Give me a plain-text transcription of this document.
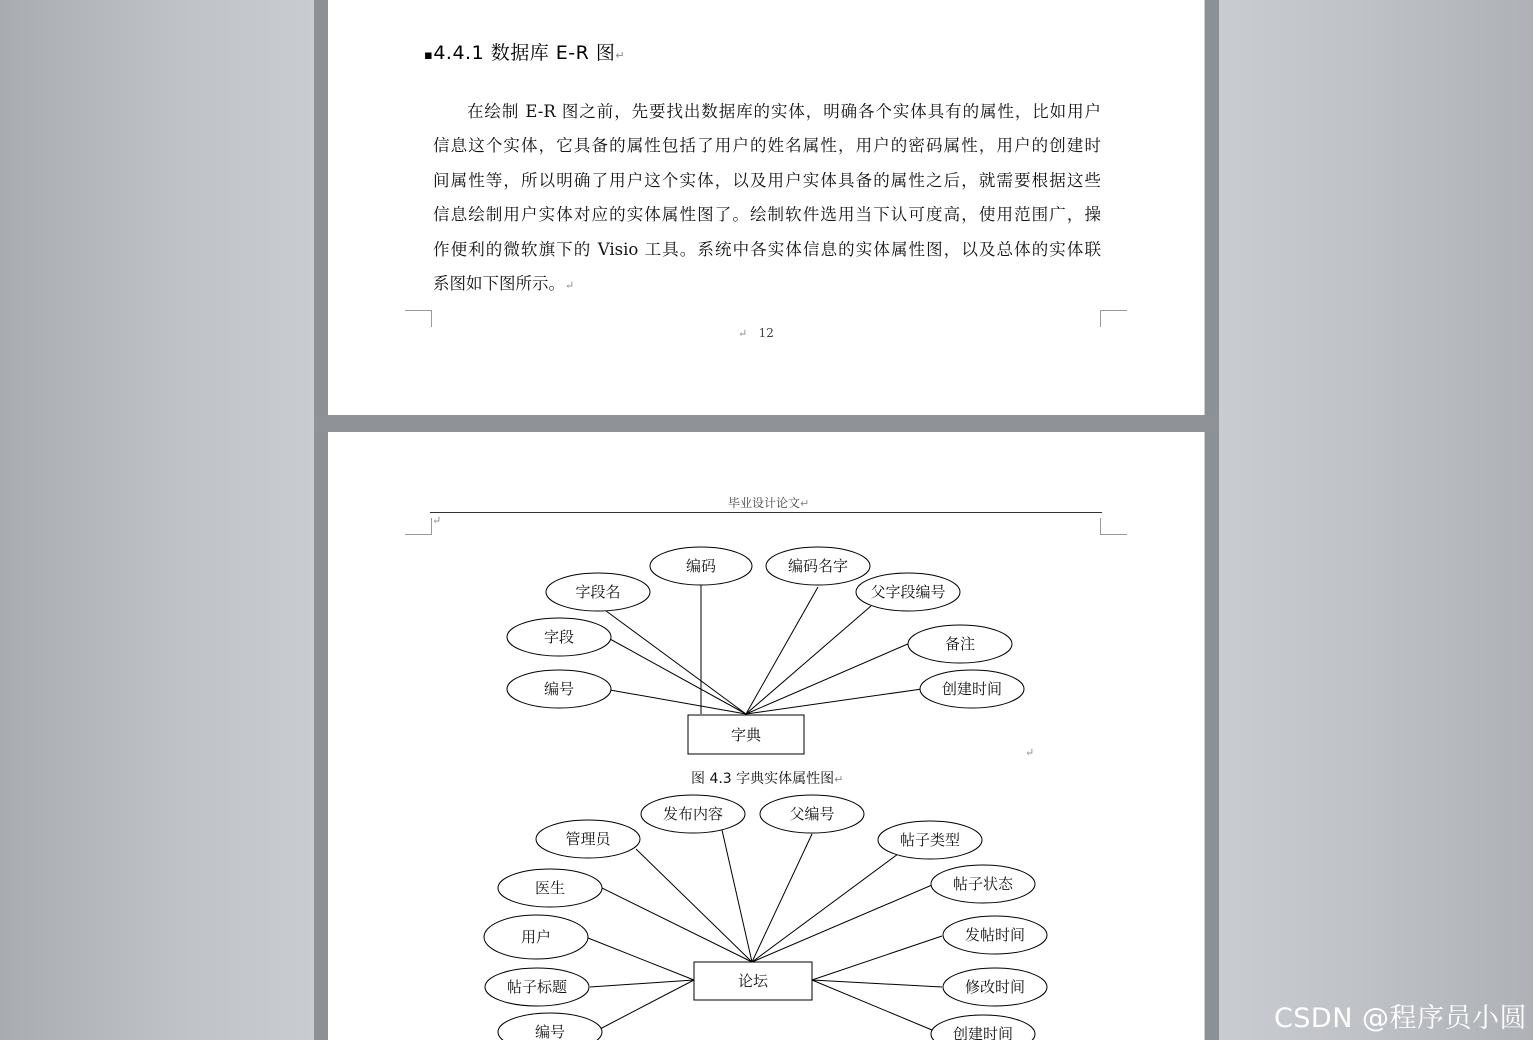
▪4.4.1 数据库 E-R 图↵
在绘制 E-R 图之前，先要找出数据库的实体，明确各个实体具有的属性，比如用户
信息这个实体，它具备的属性包括了用户的姓名属性，用户的密码属性，用户的创建时
间属性等，所以明确了用户这个实体，以及用户实体具备的属性之后，就需要根据这些
信息绘制用户实体对应的实体属性图了。绘制软件选用当下认可度高，使用范围广，操
作便利的微软旗下的 Visio 工具。系统中各实体信息的实体属性图，以及总体的实体联
系图如下图所示。↵
↵ 12
毕业设计论文↵
↵
字典
编码	编码名字
字段名	父字段编号
字段	备注
编号	创建时间
论坛
发布内容	父编号
管理员	帖子类型
医生	帖子状态
用户	发帖时间
帖子标题	修改时间
编号	创建时间
↵
图 4.3 字典实体属性图↵
CSDN @程序员小圆
